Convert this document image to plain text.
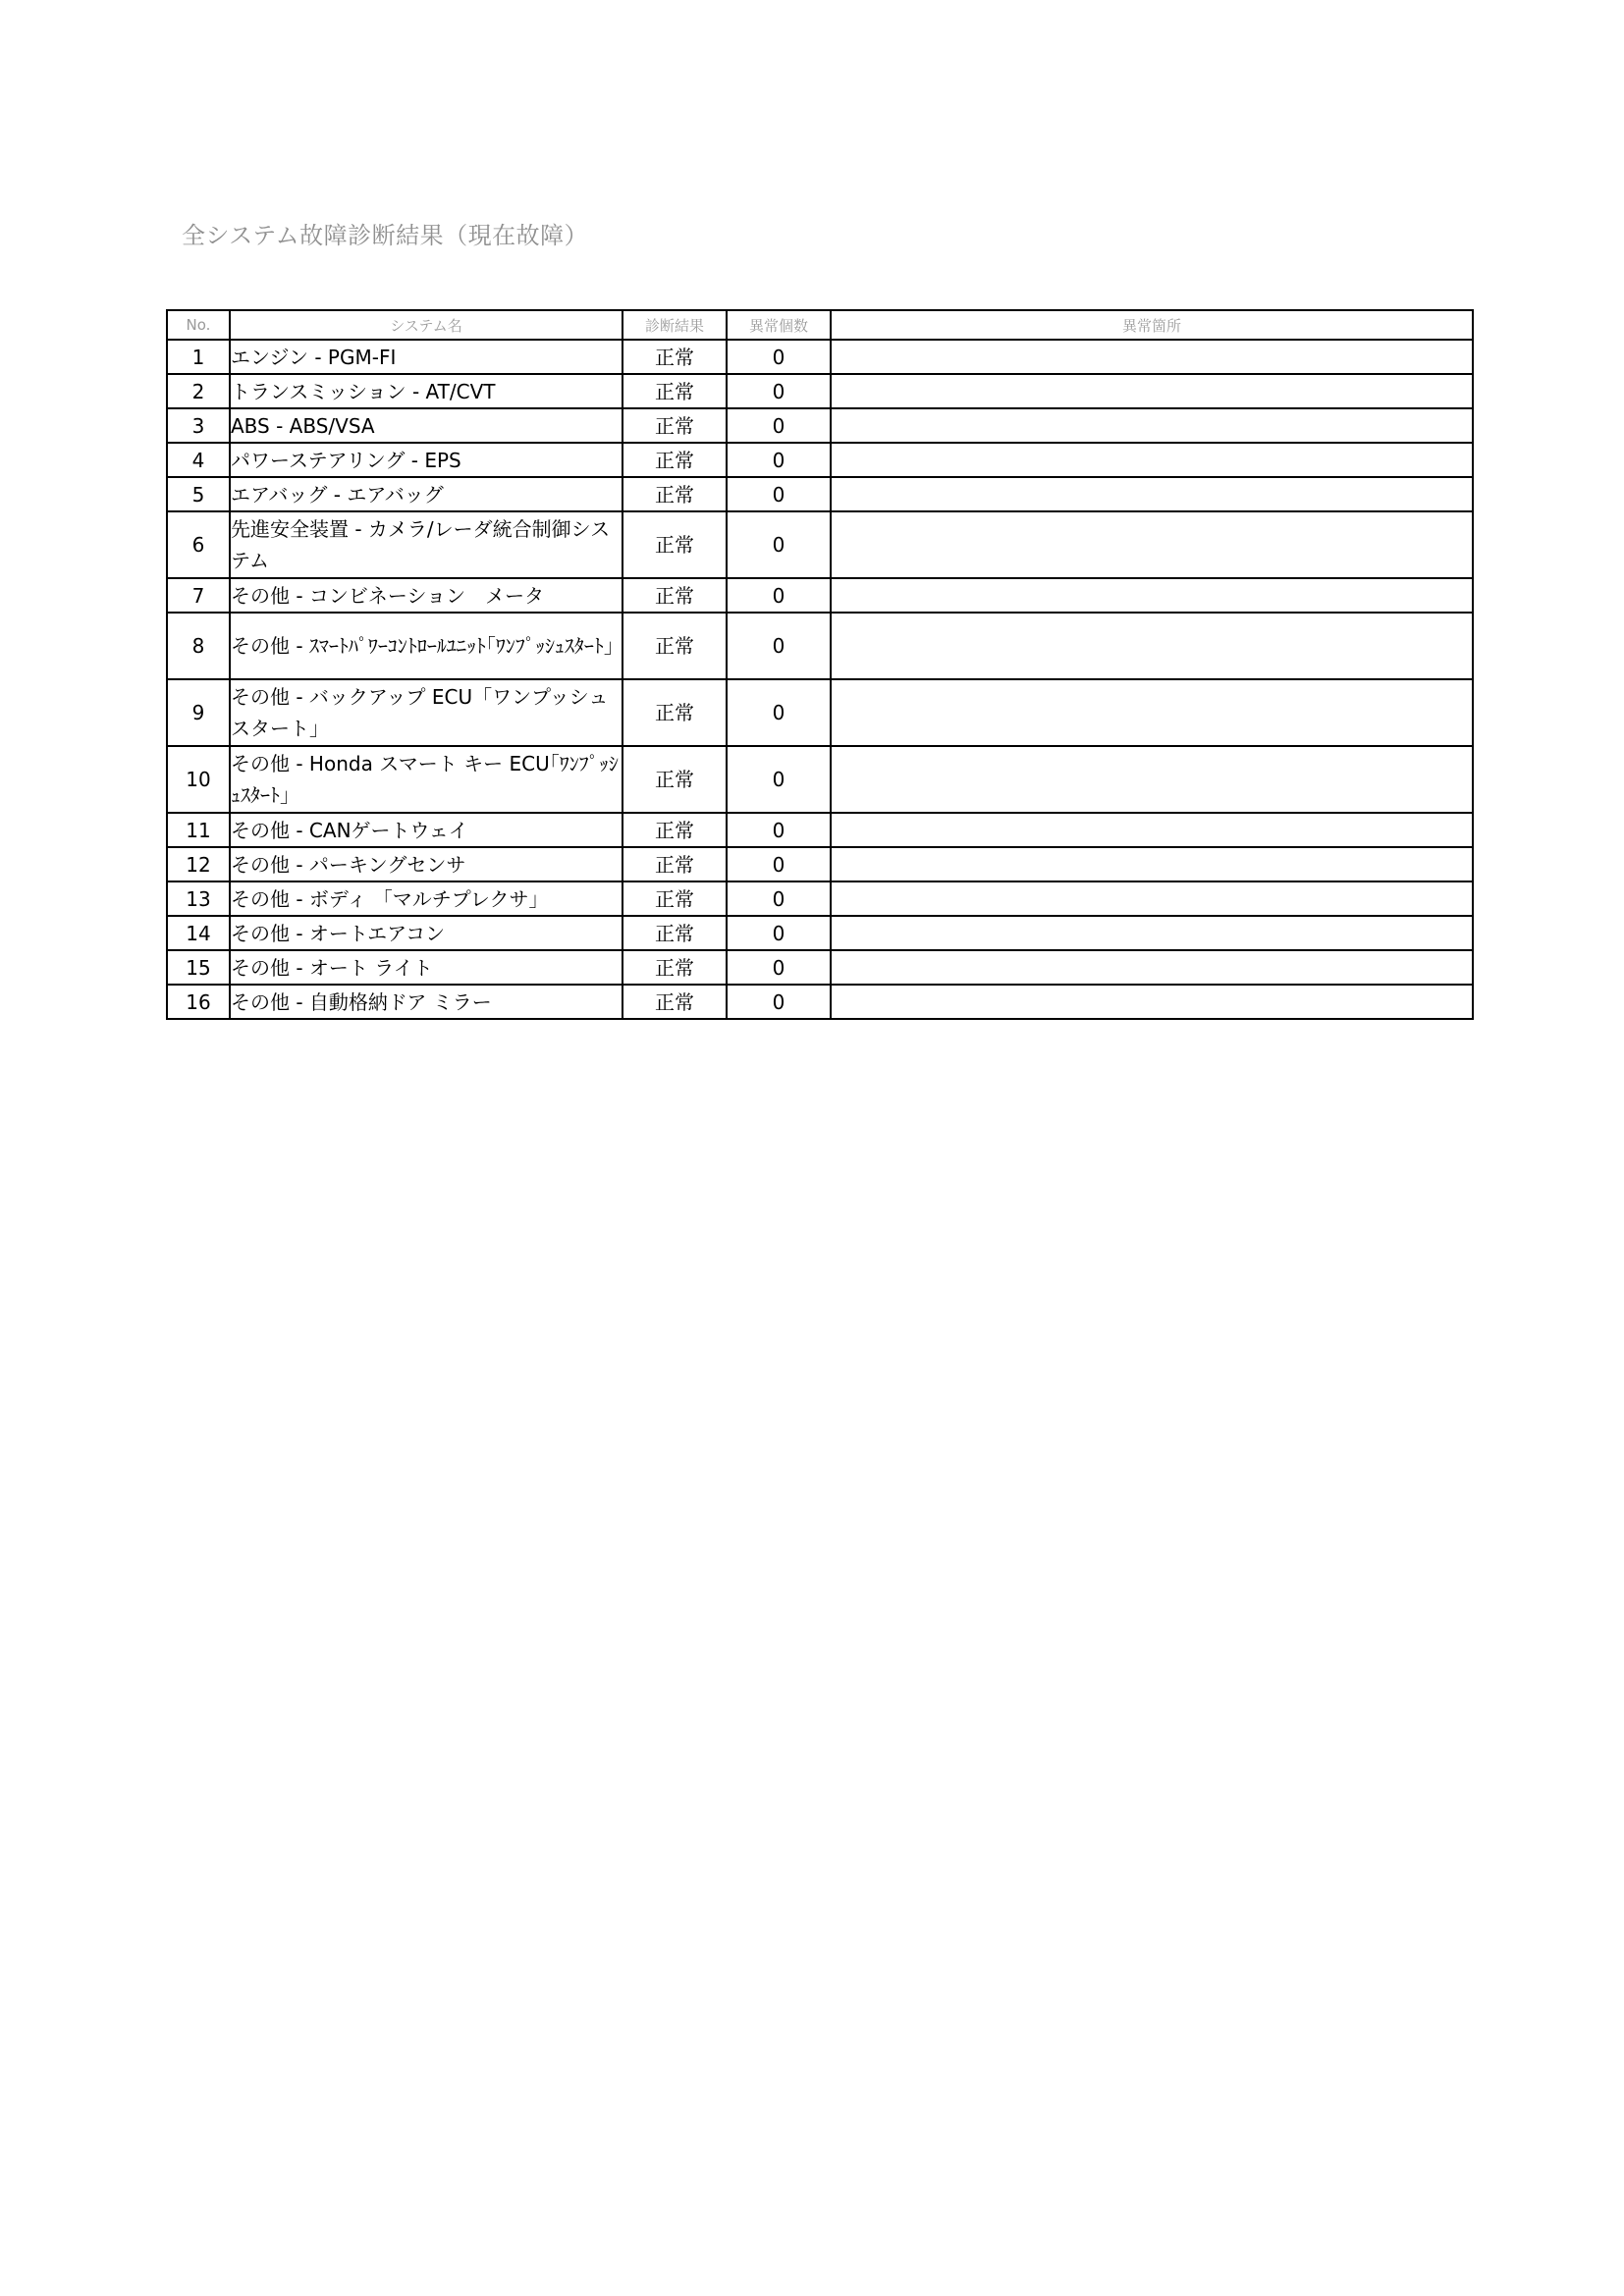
全システム故障診断結果（現在故障）
No.	システム名	診断結果	異常個数	異常箇所
1	エンジン - PGM-FI	正常	0	
2	トランスミッション - AT/CVT	正常	0	
3	ABS - ABS/VSA	正常	0	
4	パワーステアリング - EPS	正常	0	
5	エアバッグ - エアバッグ	正常	0	
6	先進安全装置 - カメラ/レーダ統合制御システム	正常	0	
7	その他 - コンビネーション　メータ	正常	0	
8	その他 - ｽﾏｰﾄﾊﾟﾜｰｺﾝﾄﾛｰﾙﾕﾆｯﾄ｢ﾜﾝﾌﾟｯｼｭｽﾀｰﾄ｣	正常	0	
9	その他 - バックアップ ECU「ワンプッシュスタート」	正常	0	
10	その他 - Honda スマート キー ECU｢ﾜﾝﾌﾟｯｼｭｽﾀｰﾄ｣	正常	0	
11	その他 - CANゲートウェイ	正常	0	
12	その他 - パーキングセンサ	正常	0	
13	その他 - ボディ 「マルチプレクサ」	正常	0	
14	その他 - オートエアコン	正常	0	
15	その他 - オート ライト	正常	0	
16	その他 - 自動格納ドア ミラー	正常	0	
